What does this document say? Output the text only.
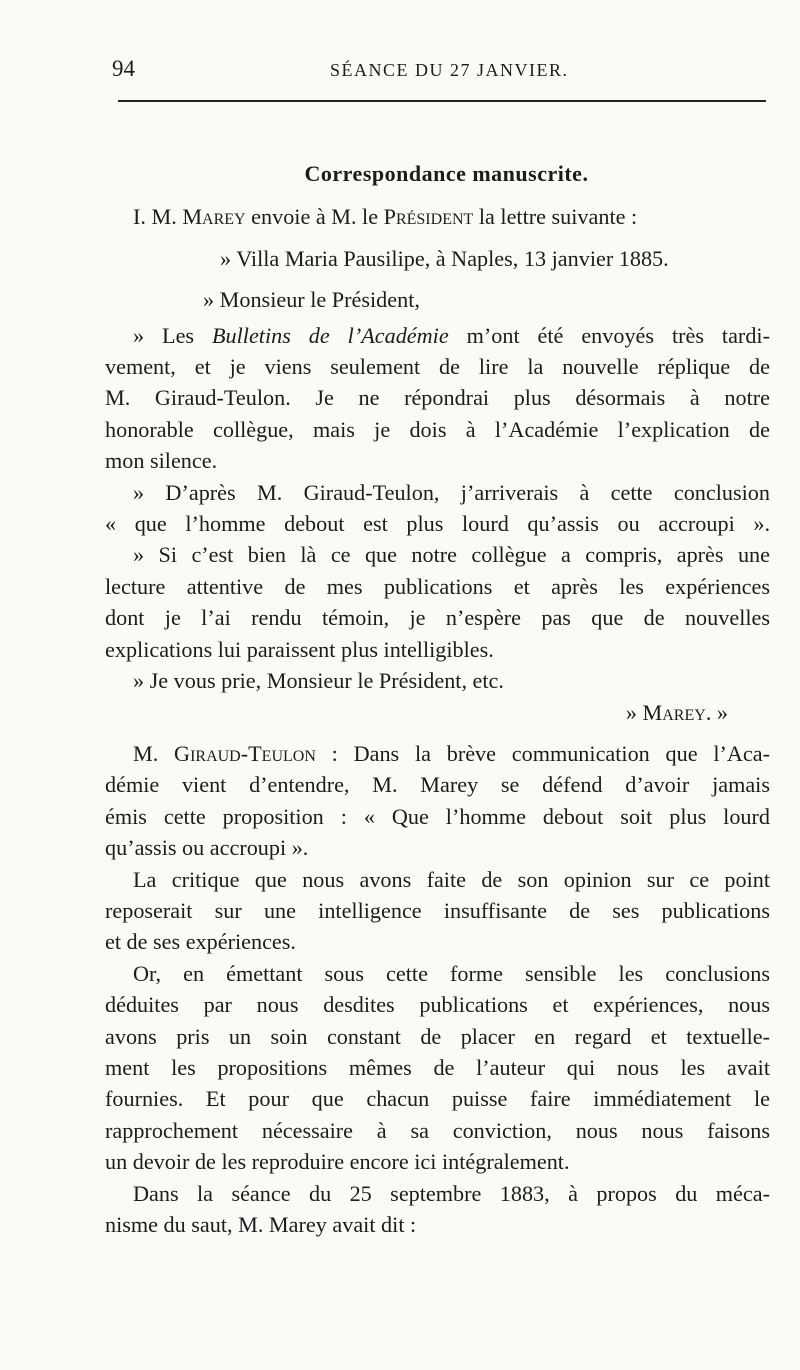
94	SÉANCE DU 27 JANVIER.
Correspondance manuscrite.
I. M. Marey envoie à M. le Président la lettre suivante :
» Villa Maria Pausilipe, à Naples, 13 janvier 1885.
» Monsieur le Président,
» Les Bulletins de l’Académie m’ont été envoyés très tardi-
vement, et je viens seulement de lire la nouvelle réplique de
M. Giraud-Teulon. Je ne répondrai plus désormais à notre
honorable collègue, mais je dois à l’Académie l’explication de
mon silence.
» D’après M. Giraud-Teulon, j’arriverais à cette conclusion
« que l’homme debout est plus lourd qu’assis ou accroupi ».
» Si c’est bien là ce que notre collègue a compris, après une
lecture attentive de mes publications et après les expériences
dont je l’ai rendu témoin, je n’espère pas que de nouvelles
explications lui paraissent plus intelligibles.
» Je vous prie, Monsieur le Président, etc.
» Marey. »
M. Giraud-Teulon : Dans la brève communication que l’Aca-
démie vient d’entendre, M. Marey se défend d’avoir jamais
émis cette proposition : « Que l’homme debout soit plus lourd
qu’assis ou accroupi ».
La critique que nous avons faite de son opinion sur ce point
reposerait sur une intelligence insuffisante de ses publications
et de ses expériences.
Or, en émettant sous cette forme sensible les conclusions
déduites par nous desdites publications et expériences, nous
avons pris un soin constant de placer en regard et textuelle-
ment les propositions mêmes de l’auteur qui nous les avait
fournies. Et pour que chacun puisse faire immédiatement le
rapprochement nécessaire à sa conviction, nous nous faisons
un devoir de les reproduire encore ici intégralement.
Dans la séance du 25 septembre 1883, à propos du méca-
nisme du saut, M. Marey avait dit :
